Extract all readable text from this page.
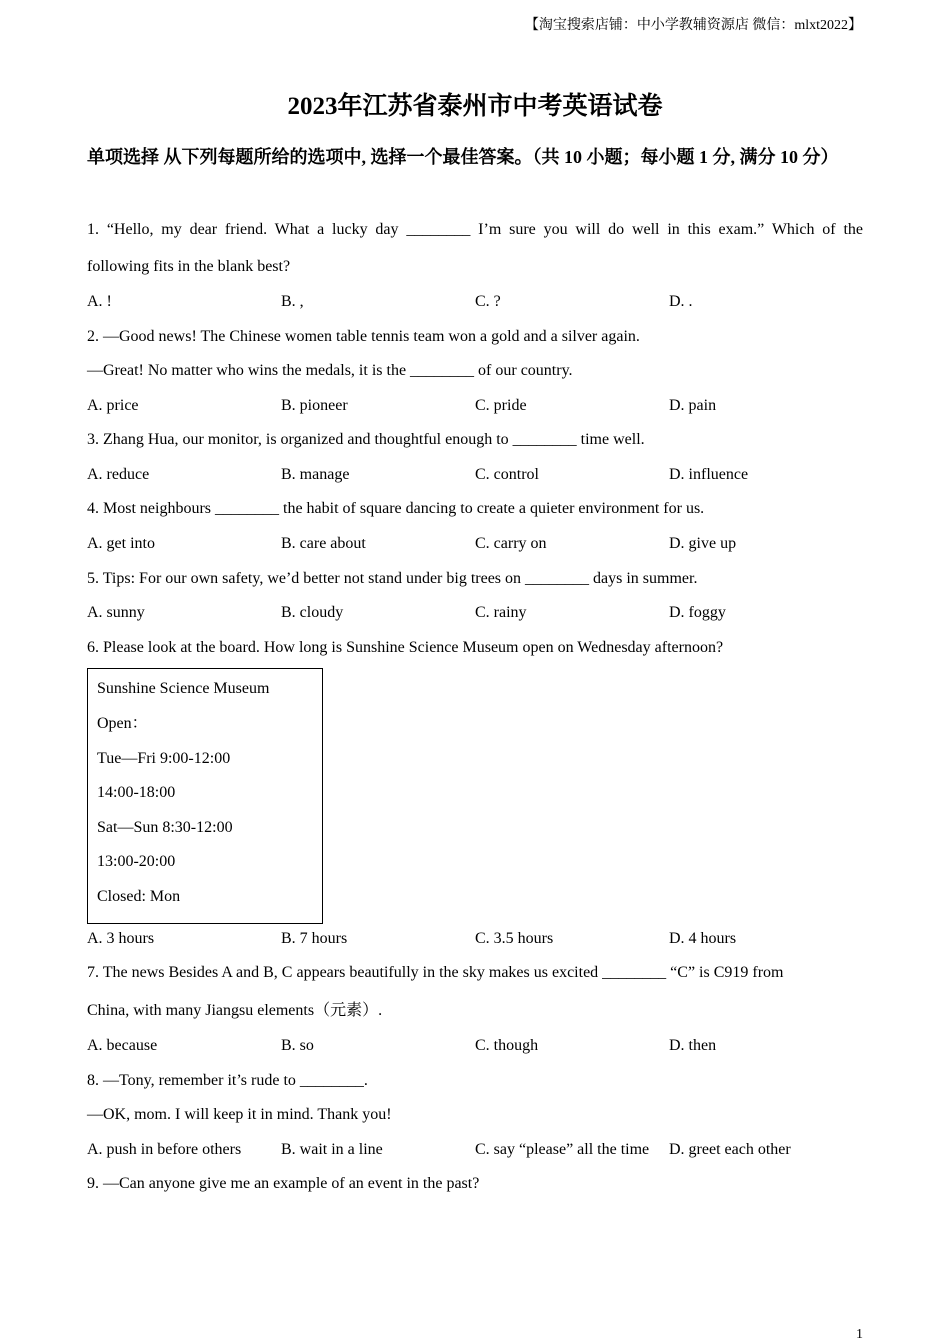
【淘宝搜索店铺：中小学教辅资源店 微信：mlxt2022】
2023年江苏省泰州市中考英语试卷
单项选择 从下列每题所给的选项中, 选择一个最佳答案。（共 10 小题；每小题 1 分, 满分 10 分）
1. “Hello, my dear friend. What a lucky day ________ I’m sure you will do well in this exam.” Which of the
following fits in the blank best?
A. !	B. ,	C. ?	D. .
2. —Good news! The Chinese women table tennis team won a gold and a silver again.
—Great! No matter who wins the medals, it is the ________ of our country.
A. price	B. pioneer	C. pride	D. pain
3. Zhang Hua, our monitor, is organized and thoughtful enough to ________ time well.
A. reduce	B. manage	C. control	D. influence
4. Most neighbours ________ the habit of square dancing to create a quieter environment for us.
A. get into	B. care about	C. carry on	D. give up
5. Tips: For our own safety, we’d better not stand under big trees on ________ days in summer.
A. sunny	B. cloudy	C. rainy	D. foggy
6. Please look at the board. How long is Sunshine Science Museum open on Wednesday afternoon?
Sunshine Science Museum
Open：
Tue—Fri 9:00-12:00
14:00-18:00
Sat—Sun 8:30-12:00
13:00-20:00
Closed: Mon
A. 3 hours	B. 7 hours	C. 3.5 hours	D. 4 hours
7. The news Besides A and B, C appears beautifully in the sky makes us excited ________ “C” is C919 from
China, with many Jiangsu elements（元素）.
A. because	B. so	C. though	D. then
8. —Tony, remember it’s rude to ________.
—OK, mom. I will keep it in mind. Thank you!
A. push in before others B. wait in a line	C. say “please” all the time D. greet each other
9. —Can anyone give me an example of an event in the past?
1
